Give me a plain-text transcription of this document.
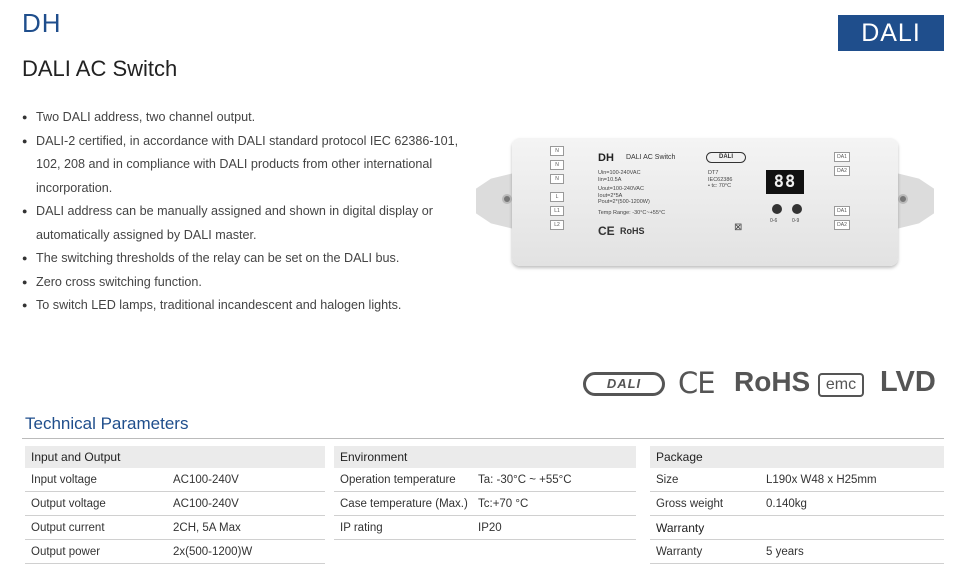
DH
DALI AC Switch
DALI
● Two DALI address, two channel output.
● DALI-2 certified, in accordance with DALI standard protocol IEC 62386-101, 102, 208 and in compliance with DALI products from other international incorporation.
● DALI address can be manually assigned and shown in digital display or automatically assigned by DALI master.
● The switching thresholds of the relay can be set on the DALI bus.
● Zero cross switching function.
● To switch LED lamps, traditional incandescent and halogen lights.
N
N
N
L
L1
L2
DH DALI AC Switch
Uin=100-240VAC
Iin=10.5A
Uout=100-240VAC
Iout=2*5A
Pout=2*(500-1200W)
Temp Range: -30°C~+55°C
DALI
DT7
IEC62386
• tc: 70°C	88
0-6	0-9
DA1
DA2
DA1
DA2
CE RoHS	⊠
DALI	CE RoHS emc LVD
Technical Parameters
Input and Output
Input voltage	AC100-240V
Output voltage	AC100-240V
Output current	2CH, 5A Max
Output power	2x(500-1200)W
Environment
Operation temperature Ta: -30°C ~ +55°C
Case temperature (Max.) Tc:+70 °C
IP rating	IP20
Package
Size	L190x W48 x H25mm
Gross weight	0.140kg
Warranty
Warranty	5 years
